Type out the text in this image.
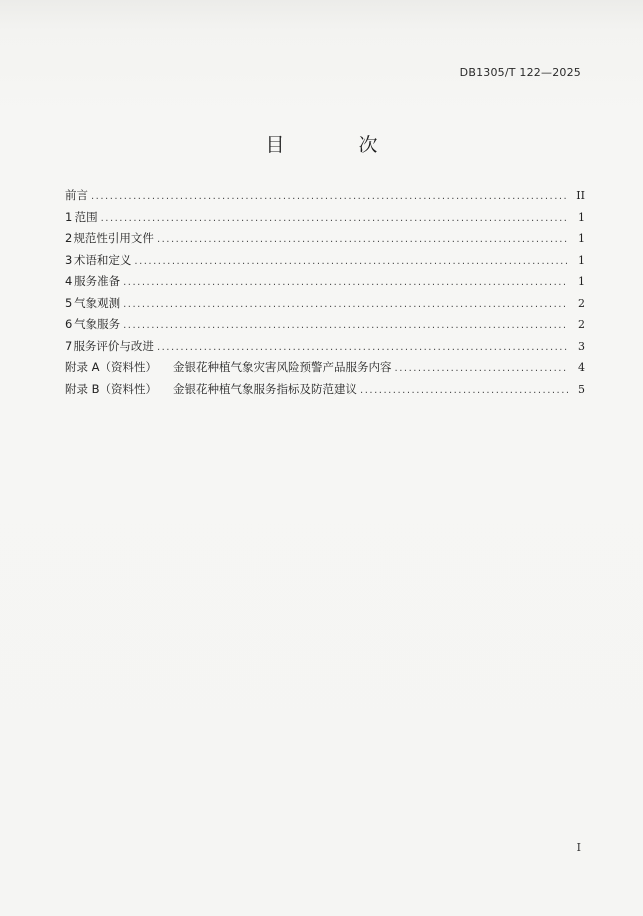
DB1305/T 122—2025
目 次
前言 .....	II
1 范围 .....	1
2 规范性引用文件 .....	1
3 术语和定义 .....	1
4 服务准备 .....	1
5 气象观测 .....	2
6 气象服务 .....	2
7 服务评价与改进 .....	3
附录 A（资料性） 金银花种植气象灾害风险预警产品服务内容 .....	4
附录 B（资料性） 金银花种植气象服务指标及防范建议 .....	5
I
